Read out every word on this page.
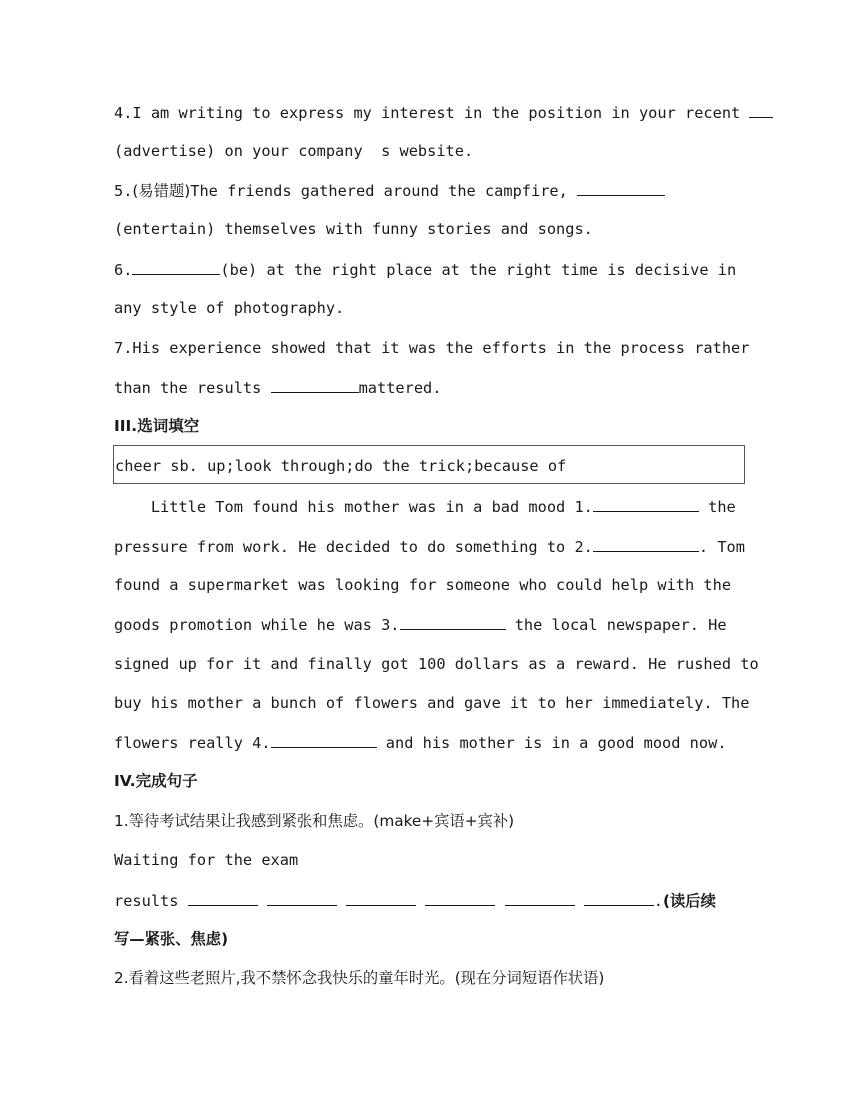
4.I am writing to express my interest in the position in your recent
(advertise) on your company  s website.
5.(易错题)The friends gathered around the campfire,
(entertain) themselves with funny stories and songs.
6.	(be) at the right place at the right time is decisive in
any style of photography.
7.His experience showed that it was the efforts in the process rather
than the results	mattered.
III.选词填空
cheer sb. up;look through;do the trick;because of
Little Tom found his mother was in a bad mood 1.	the
pressure from work. He decided to do something to 2.	. Tom
found a supermarket was looking for someone who could help with the
goods promotion while he was 3.	the local newspaper. He
signed up for it and finally got 100 dollars as a reward. He rushed to
buy his mother a bunch of flowers and gave it to her immediately. The
flowers really 4.	and his mother is in a good mood now.
IV.完成句子
1.等待考试结果让我感到紧张和焦虑。(make+宾语+宾补)
Waiting for the exam
results	.(读后续
写—紧张、焦虑)
2.看着这些老照片,我不禁怀念我快乐的童年时光。(现在分词短语作状语)
